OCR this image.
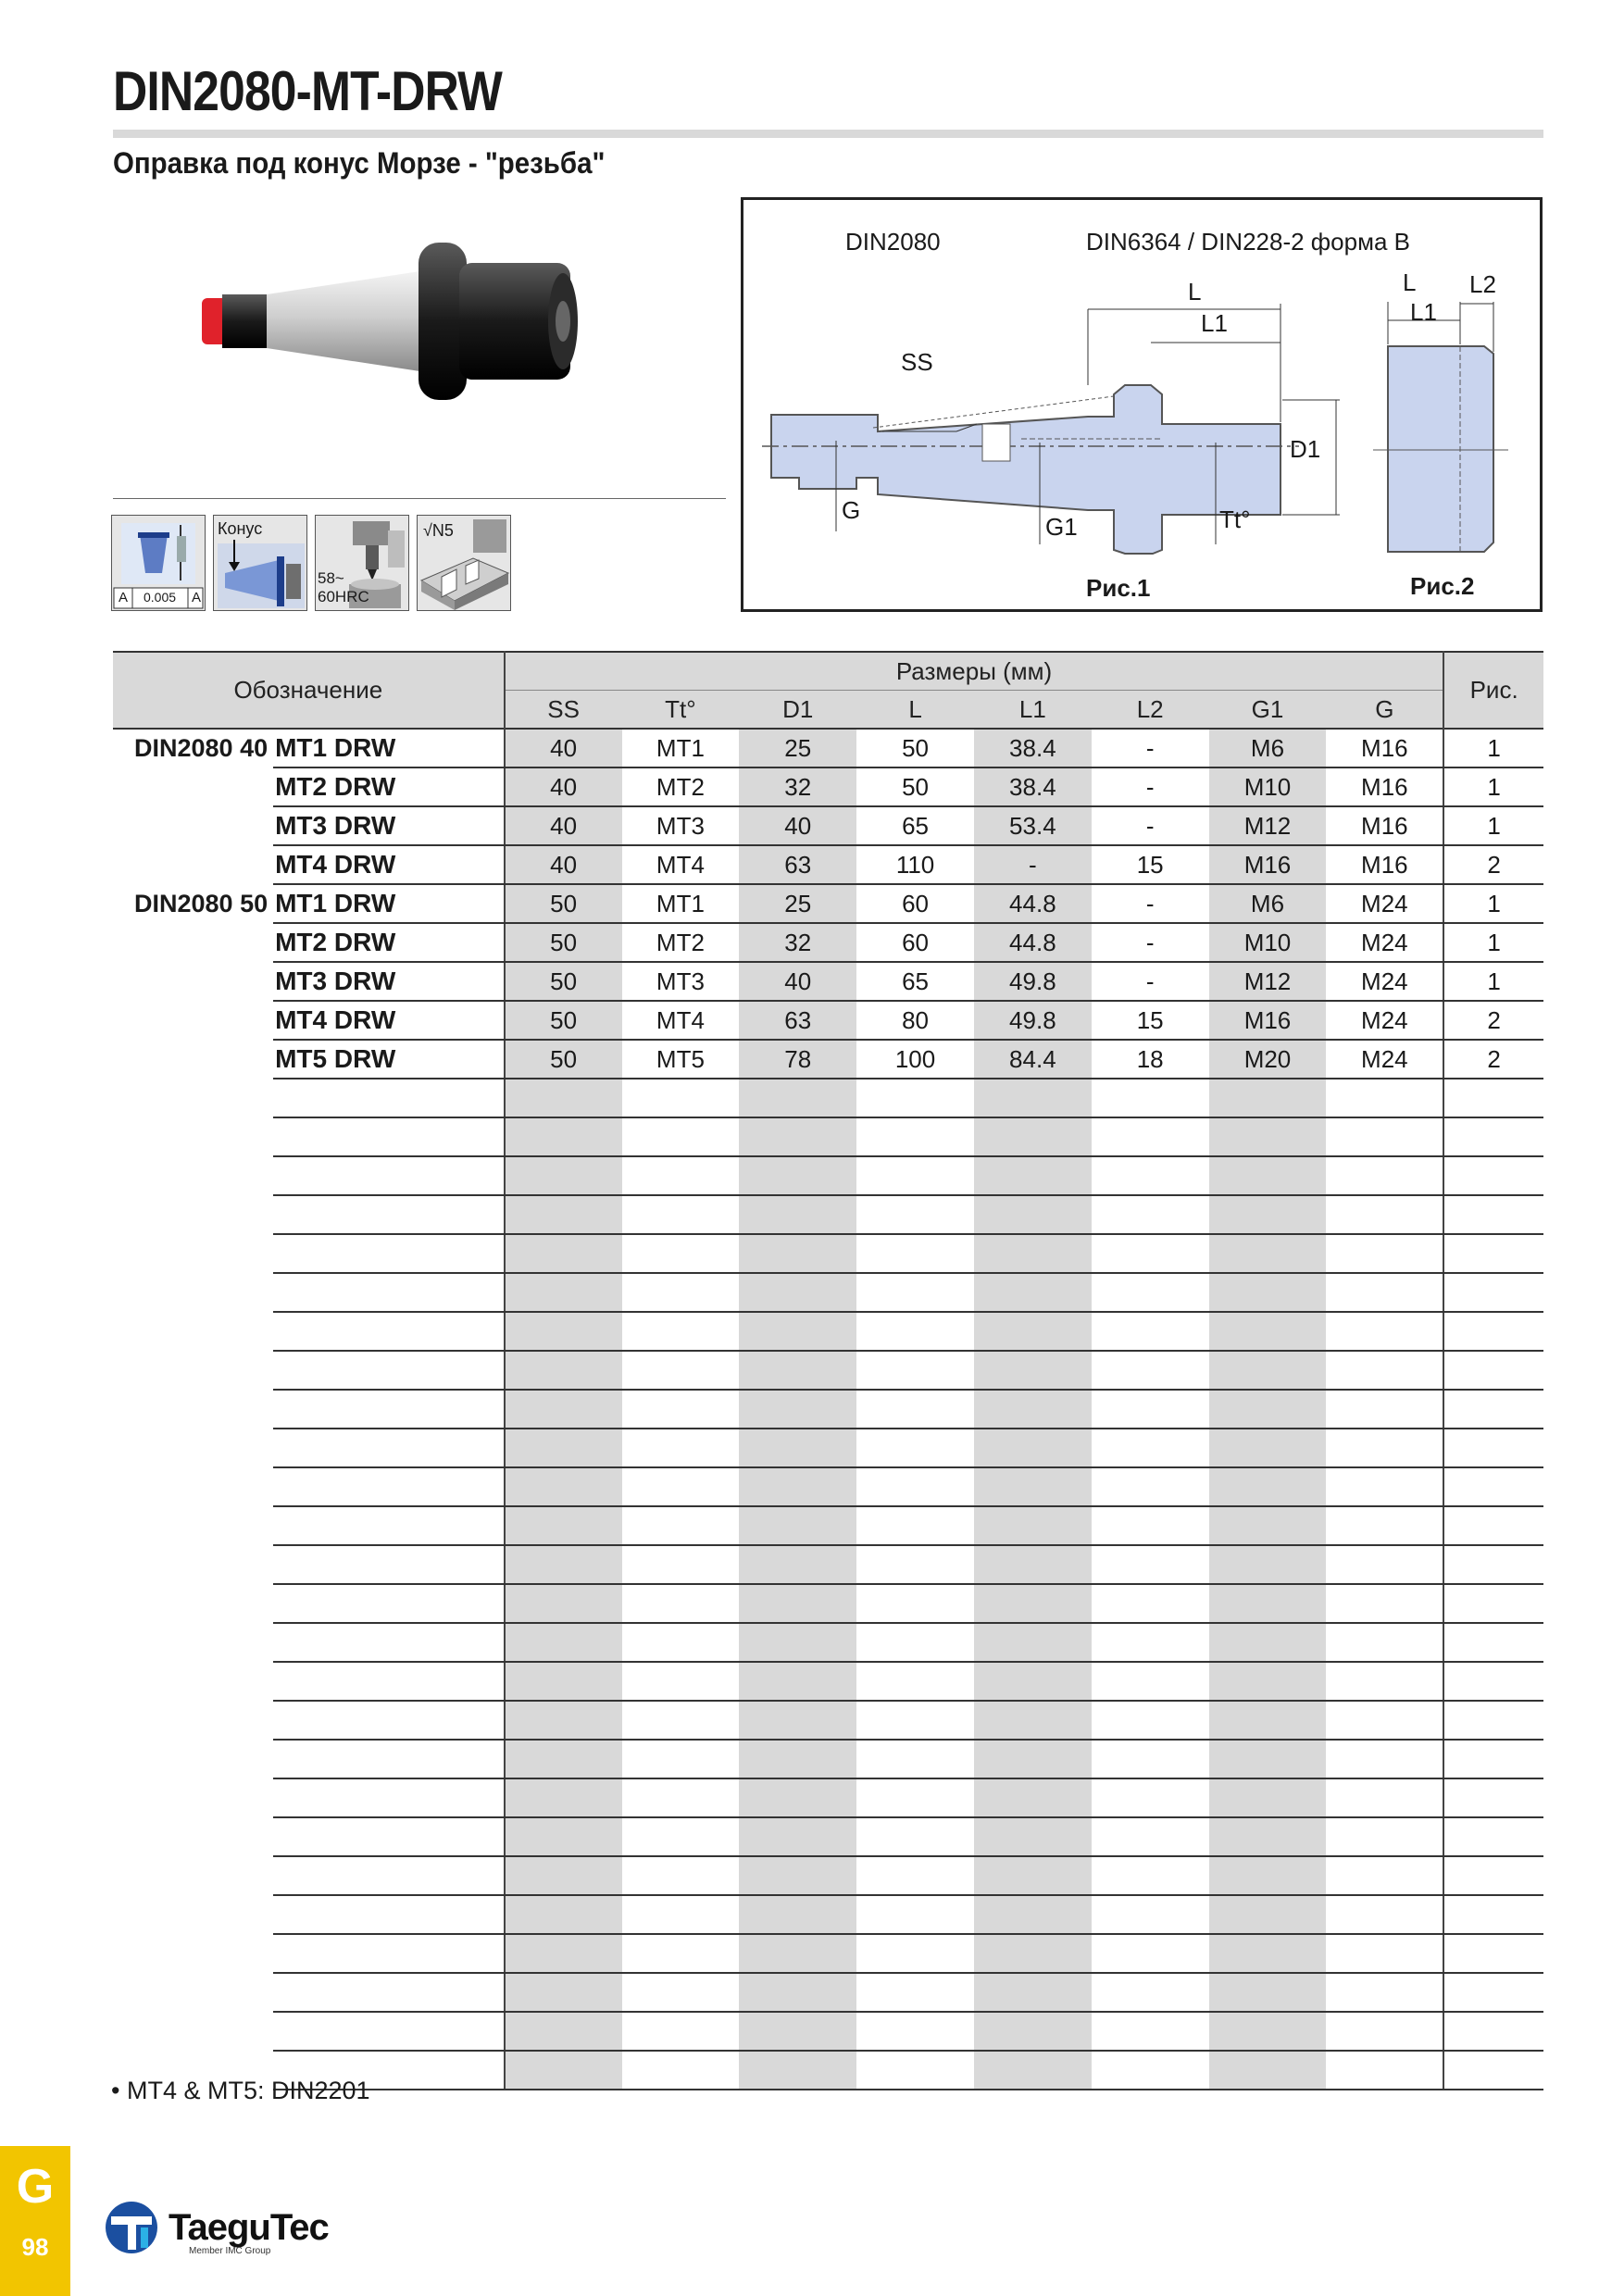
DIN2080-MT-DRW
Оправка под конус Морзе - "резьба"
A 0.005 A
Конус
58~
60HRC
√N5
DIN2080	DIN6364 / DIN228-2 форма B
L
L1
L
L1
L2
SS
D1
G
G1	Tt°
Рис.1	Рис.2
Обозначение		Размеры (мм)								Рис.
		SS	Tt°	D1	L	L1	L2	G1	G	
DIN2080 40	MT1 DRW	40	MT1	25	50	38.4	-	M6	M16	1
	MT2 DRW	40	MT2	32	50	38.4	-	M10	M16	1
	MT3 DRW	40	MT3	40	65	53.4	-	M12	M16	1
	MT4 DRW	40	MT4	63	110	-	15	M16	M16	2
DIN2080 50	MT1 DRW	50	MT1	25	60	44.8	-	M6	M24	1
	MT2 DRW	50	MT2	32	60	44.8	-	M10	M24	1
	MT3 DRW	50	MT3	40	65	49.8	-	M12	M24	1
	MT4 DRW	50	MT4	63	80	49.8	15	M16	M24	2
	MT5 DRW	50	MT5	78	100	84.4	18	M20	M24	2

• MT4 & MT5: DIN2201
G
98	TaeguTec
Member IMC Group
